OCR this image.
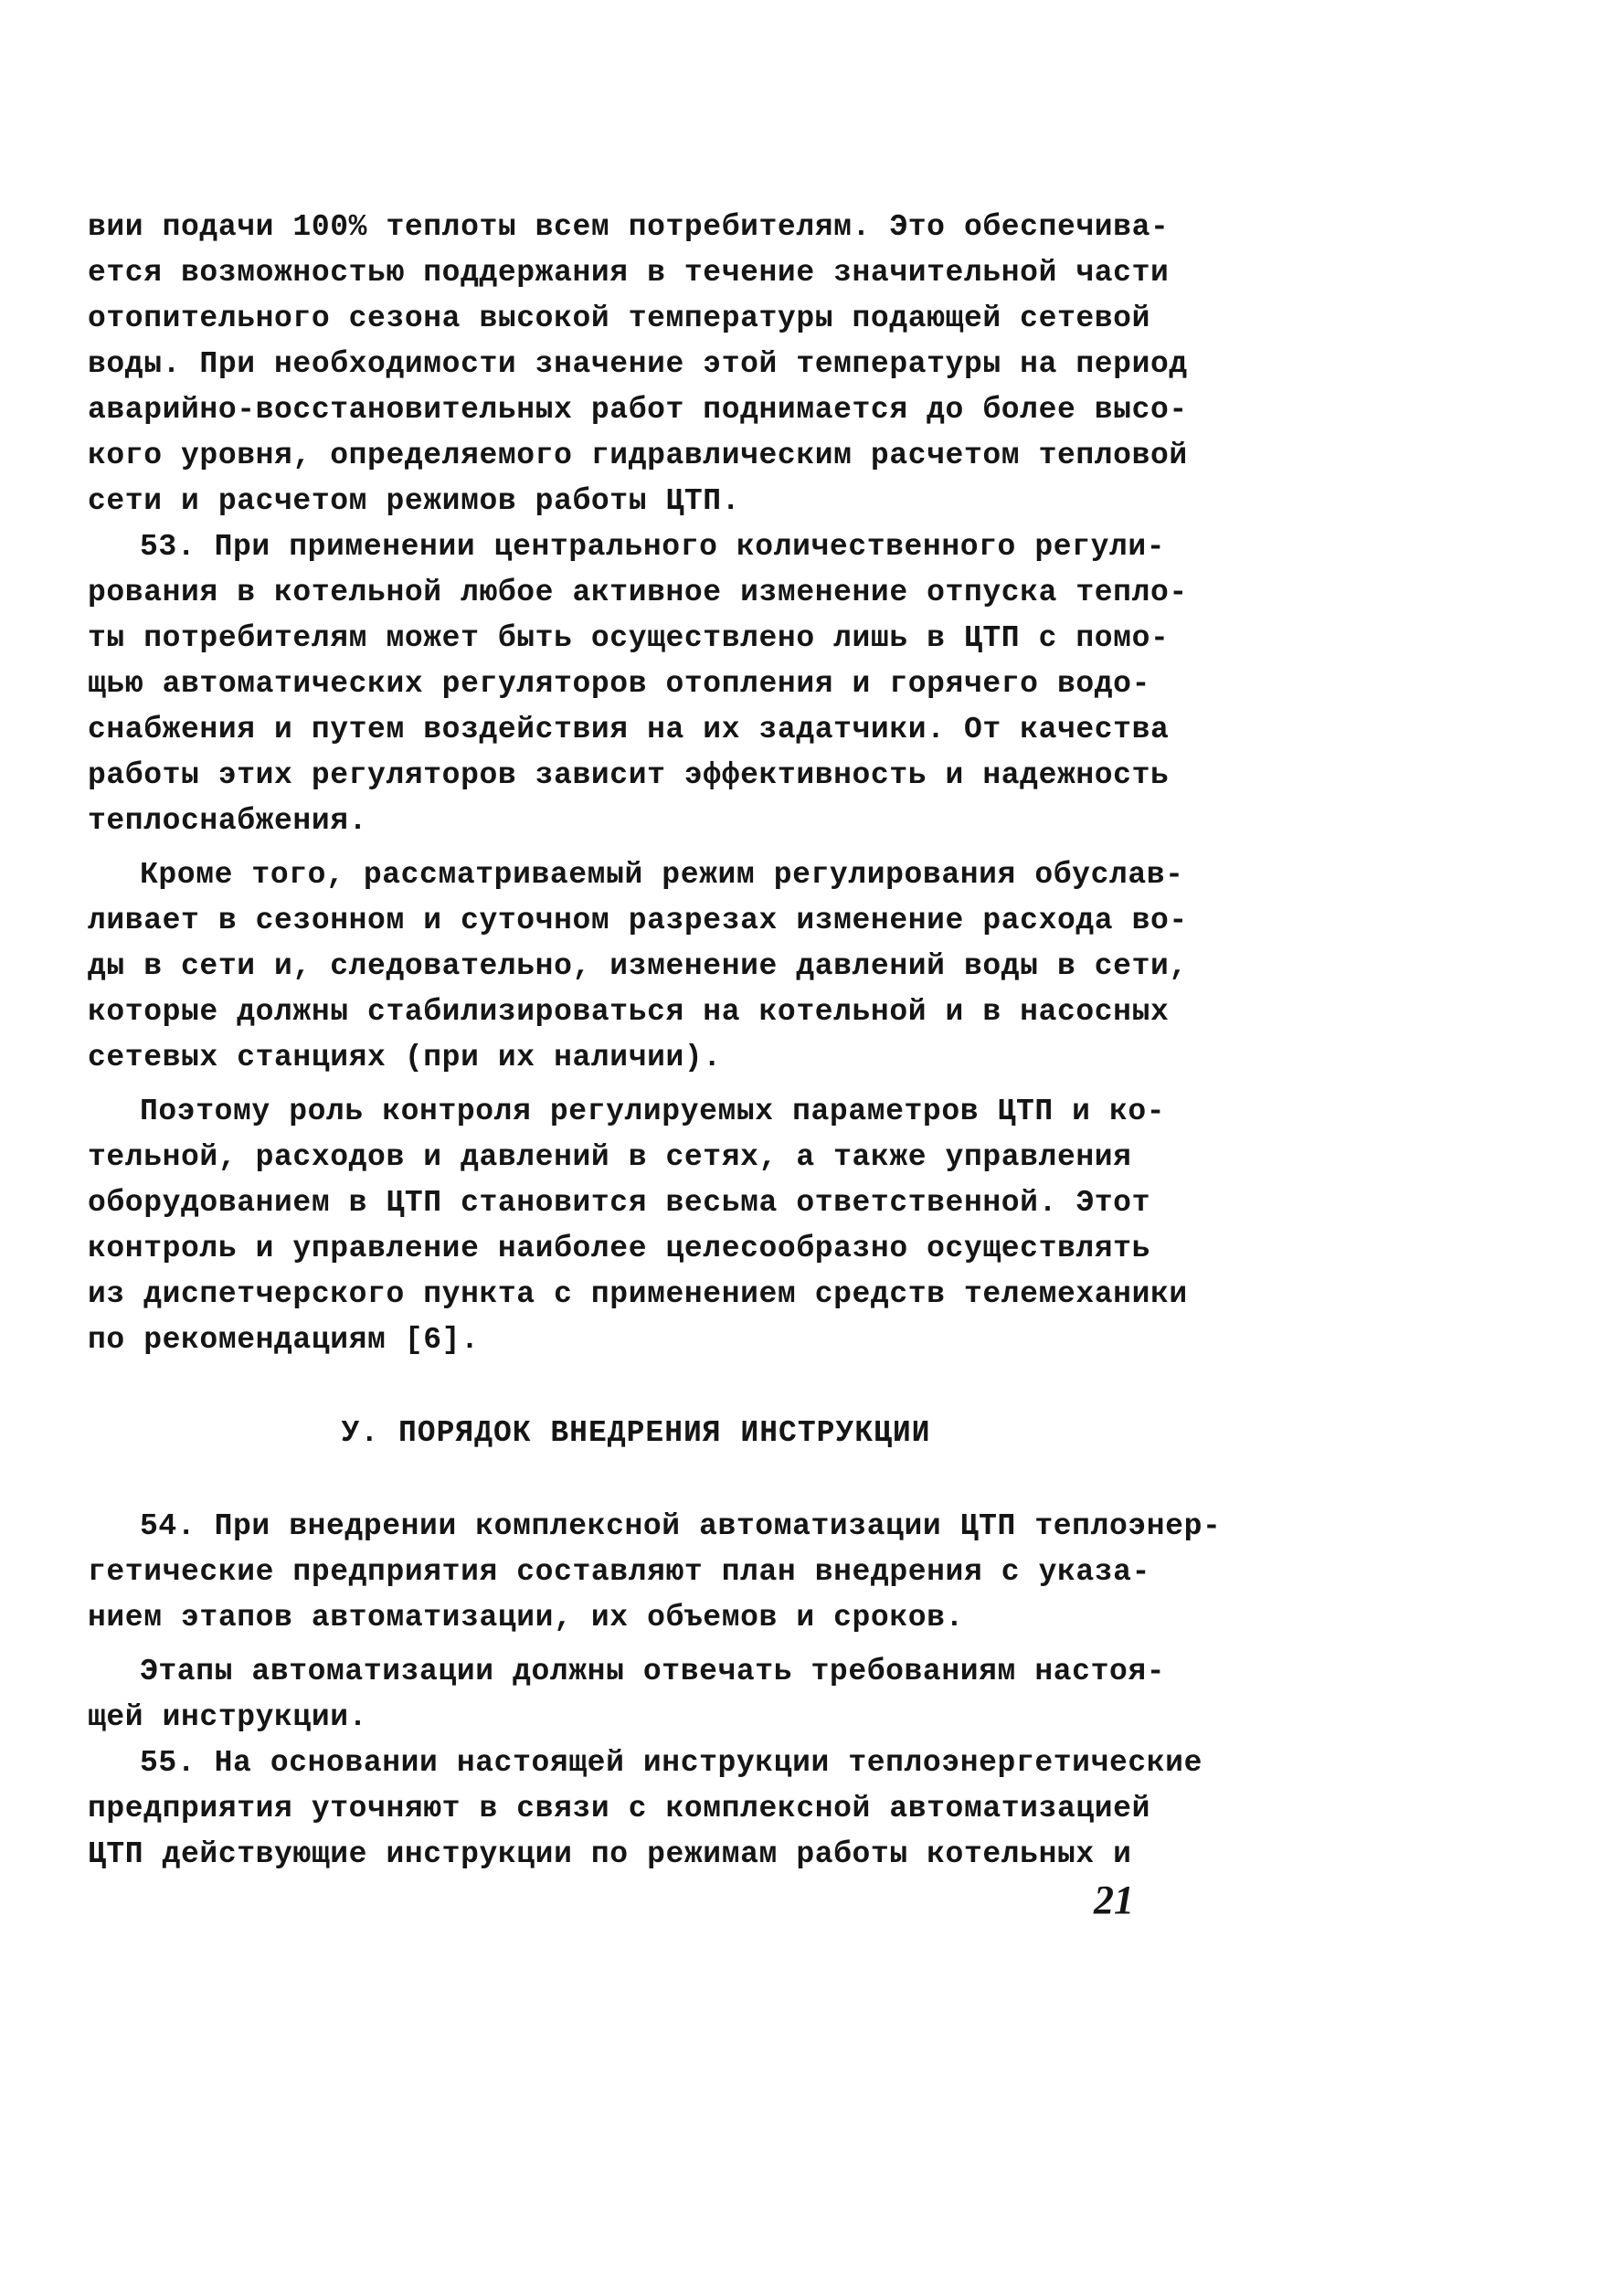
вии подачи 100% теплоты всем потребителям. Это обеспечива-

ется возможностью поддержания в течение значительной части

отопительного сезона высокой температуры подающей сетевой

воды. При необходимости значение этой температуры на период

аварийно-восстановительных работ поднимается до более высо-

кого уровня, определяемого гидравлическим расчетом тепловой

сети и расчетом режимов работы ЦТП.

53. При применении центрального количественного регули-

рования в котельной любое активное изменение отпуска тепло-

ты потребителям может быть осуществлено лишь в ЦТП с помо-

щью автоматических регуляторов отопления и горячего водо-

снабжения и путем воздействия на их задатчики. От качества

работы этих регуляторов зависит эффективность и надежность

теплоснабжения.

Кроме того, рассматриваемый режим регулирования обуслав-

ливает в сезонном и суточном разрезах изменение расхода во-

ды в сети и, следовательно, изменение давлений воды в сети,

которые должны стабилизироваться на котельной и в насосных

сетевых станциях (при их наличии).

Поэтому роль контроля регулируемых параметров ЦТП и ко-

тельной, расходов и давлений в сетях, а также управления

оборудованием в ЦТП становится весьма ответственной. Этот

контроль и управление наиболее целесообразно осуществлять

из диспетчерского пункта с применением средств телемеханики

по рекомендациям [6].

У. ПОРЯДОК ВНЕДРЕНИЯ ИНСТРУКЦИИ

54. При внедрении комплексной автоматизации ЦТП теплоэнер-

гетические предприятия составляют план внедрения с указа-

нием этапов автоматизации, их объемов и сроков.

Этапы автоматизации должны отвечать требованиям настоя-

щей инструкции.

55. На основании настоящей инструкции теплоэнергетические

предприятия уточняют в связи с комплексной автоматизацией

ЦТП действующие инструкции по режимам работы котельных и

21
